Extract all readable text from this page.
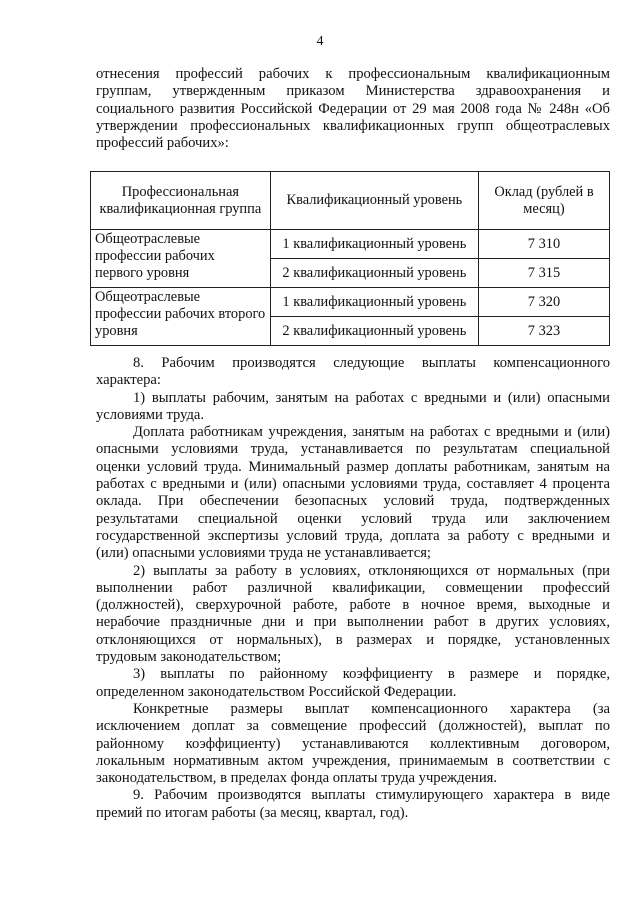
4
отнесения профессий рабочих к профессиональным квалификационным
группам, утвержденным приказом Министерства здравоохранения и
социального развития Российской Федерации от 29 мая 2008 года № 248н «Об
утверждении профессиональных квалификационных групп общеотраслевых
профессий рабочих»:
Профессиональная квалификационная группа	Квалификационный уровень	Оклад (рублей в месяц)
Общеотраслевые профессии рабочих первого уровня	1 квалификационный уровень	7 310
	2 квалификационный уровень	7 315
Общеотраслевые профессии рабочих второго уровня	1 квалификационный уровень	7 320
	2 квалификационный уровень	7 323
8. Рабочим производятся следующие выплаты компенсационного
характера:
1) выплаты рабочим, занятым на работах с вредными и (или) опасными
условиями труда.
Доплата работникам учреждения, занятым на работах с вредными и (или)
опасными условиями труда, устанавливается по результатам специальной
оценки условий труда. Минимальный размер доплаты работникам, занятым на
работах с вредными и (или) опасными условиями труда, составляет 4 процента
оклада. При обеспечении безопасных условий труда, подтвержденных
результатами специальной оценки условий труда или заключением
государственной экспертизы условий труда, доплата за работу с вредными и
(или) опасными условиями труда не устанавливается;
2) выплаты за работу в условиях, отклоняющихся от нормальных (при
выполнении работ различной квалификации, совмещении профессий
(должностей), сверхурочной работе, работе в ночное время, выходные и
нерабочие праздничные дни и при выполнении работ в других условиях,
отклоняющихся от нормальных), в размерах и порядке, установленных
трудовым законодательством;
3) выплаты по районному коэффициенту в размере и порядке,
определенном законодательством Российской Федерации.
Конкретные размеры выплат компенсационного характера (за
исключением доплат за совмещение профессий (должностей), выплат по
районному коэффициенту) устанавливаются коллективным договором,
локальным нормативным актом учреждения, принимаемым в соответствии с
законодательством, в пределах фонда оплаты труда учреждения.
9. Рабочим производятся выплаты стимулирующего характера в виде
премий по итогам работы (за месяц, квартал, год).
